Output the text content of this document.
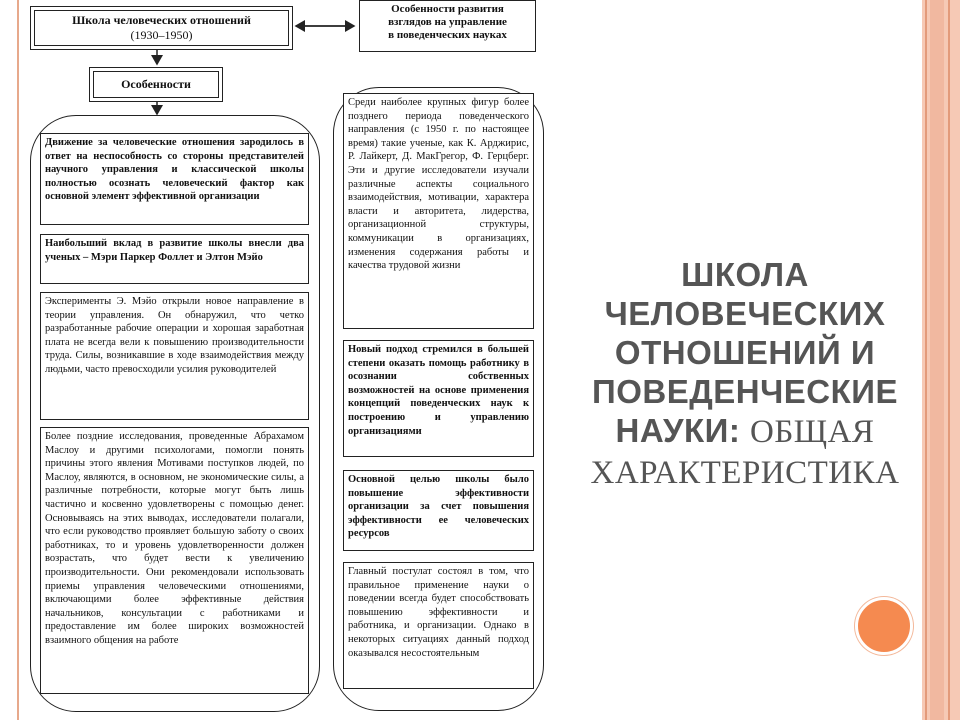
Школа человеческих отношений
(1930–1950)
Особенности развития
взглядов на управление
в поведенческих науках
Особенности
Движение за человеческие отношения зародилось в ответ на неспособность со стороны представителей научного управления и классической школы полностью осознать человеческий фактор как основной элемент эффективной организации
Наибольший вклад в развитие школы внесли два ученых – Мэри Паркер Фоллет и Элтон Мэйо
Эксперименты Э. Мэйо открыли новое направление в теории управления. Он обнаружил, что четко разработанные рабочие операции и хорошая заработная плата не всегда вели к повышению производительности труда. Силы, возникавшие в ходе взаимодействия между людьми, часто превосходили усилия руководителей
Более поздние исследования, проведенные Абрахамом Маслоу и другими психологами, помогли понять причины этого явления Мотивами поступков людей, по Маслоу, являются, в основном, не экономические силы, а различные потребности, которые могут быть лишь частично и косвенно удовлетворены с помощью денег. Основываясь на этих выводах, исследователи полагали, что если руководство проявляет большую заботу о своих работниках, то и уровень удовлетворенности должен возрастать, что будет вести к увеличению производительности. Они рекомендовали использовать приемы управления человеческими отношениями, включающими более эффективные действия начальников, консультации с работниками и предоставление им более широких возможностей взаимного общения на работе
Среди наиболее крупных фигур более позднего периода поведенческого направления (с 1950 г. по настоящее время) такие ученые, как К. Арджирис, Р. Лайкерт, Д. МакГрегор, Ф. Герцберг. Эти и другие исследователи изучали различные аспекты социального взаимодействия, мотивации, характера власти и авторитета, лидерства, организационной структуры, коммуникации в организациях, изменения содержания работы и качества трудовой жизни
Новый подход стремился в большей степени оказать помощь работнику в осознании собственных возможностей на основе применения концепций поведенческих наук к построению и управлению организациями
Основной целью школы было повышение эффективности организации за счет повышения эффективности ее человеческих ресурсов
Главный постулат состоял в том, что правильное применение науки о поведении всегда будет способствовать повышению эффективности и работника, и организации. Однако в некоторых ситуациях данный подход оказывался несостоятельным
ШКОЛА ЧЕЛОВЕЧЕСКИХ ОТНОШЕНИЙ И ПОВЕДЕНЧЕСКИЕ НАУКИ: ОБЩАЯ ХАРАКТЕРИСТИКА
